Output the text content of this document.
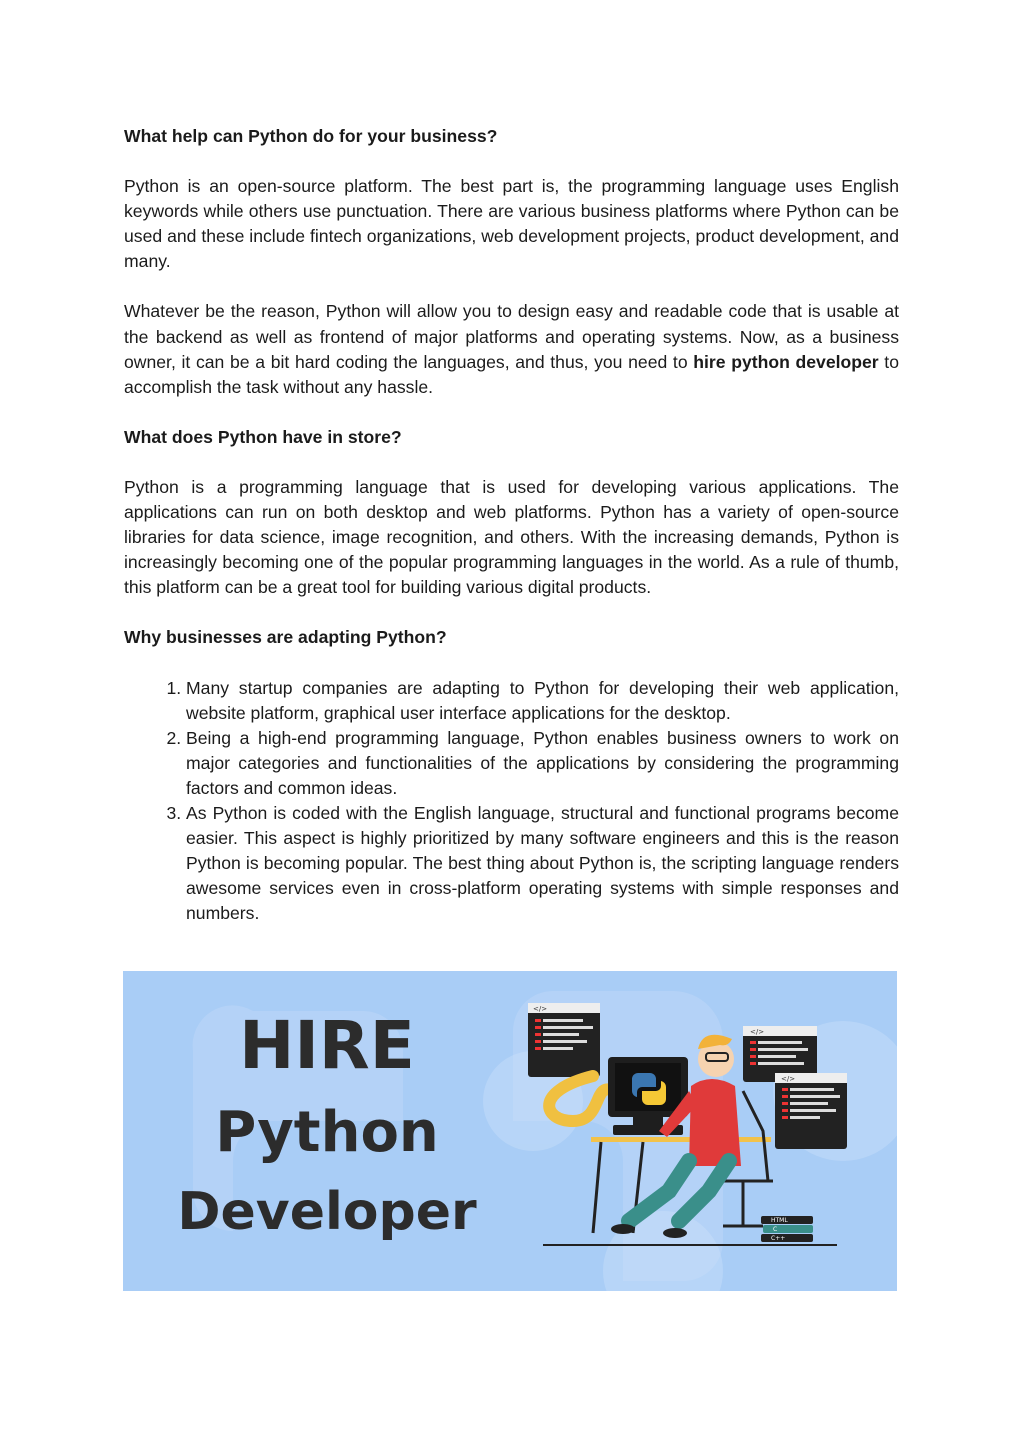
What help can Python do for your business?

Python is an open-source platform. The best part is, the programming language uses English keywords while others use punctuation. There are various business platforms where Python can be used and these include fintech organizations, web development projects, product development, and many.

Whatever be the reason, Python will allow you to design easy and readable code that is usable at the backend as well as frontend of major platforms and operating systems. Now, as a business owner, it can be a bit hard coding the languages, and thus, you need to hire python developer to accomplish the task without any hassle.

What does Python have in store?

Python is a programming language that is used for developing various applications. The applications can run on both desktop and web platforms. Python has a variety of open-source libraries for data science, image recognition, and others. With the increasing demands, Python is increasingly becoming one of the popular programming languages in the world. As a rule of thumb, this platform can be a great tool for building various digital products.

Why businesses are adapting Python?
1. Many startup companies are adapting to Python for developing their web application, website platform, graphical user interface applications for the desktop.
2. Being a high-end programming language, Python enables business owners to work on major categories and functionalities of the applications by considering the programming factors and common ideas.
3. As Python is coded with the English language, structural and functional programs become easier. This aspect is highly prioritized by many software engineers and this is the reason Python is becoming popular. The best thing about Python is, the scripting language renders awesome services even in cross-platform operating systems with simple responses and numbers.
HIRE
Python
Developer
</>
</>
</>
HTML
C
C++
